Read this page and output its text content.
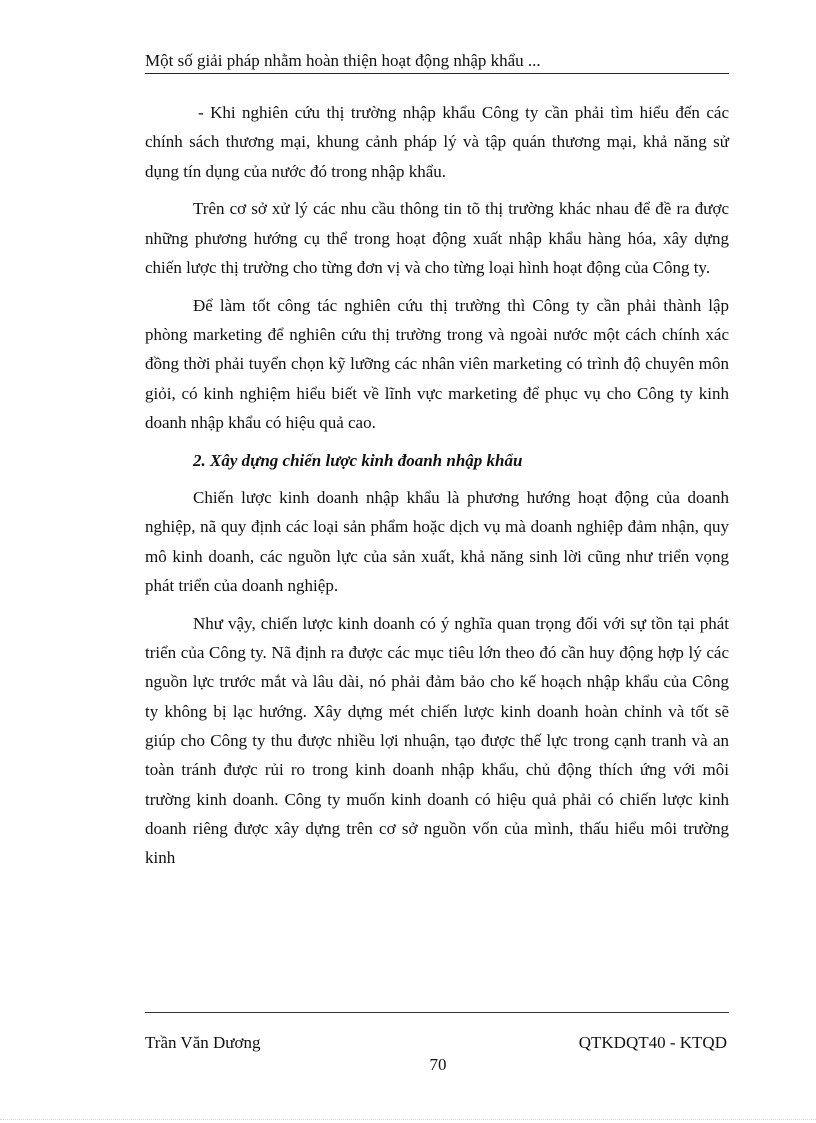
Một số giải pháp nhằm hoàn thiện hoạt động nhập khẩu ...

- Khi nghiên cứu thị trường nhập khẩu Công ty cần phải tìm hiểu đến các chính sách thương mại, khung cảnh pháp lý và tập quán thương mại, khả năng sử dụng tín dụng của nước đó trong nhập khẩu.

Trên cơ sở xử lý các nhu cầu thông tin tõ thị trường khác nhau để đề ra được những phương hướng cụ thể trong hoạt động xuất nhập khẩu hàng hóa, xây dựng chiến lược thị trường cho từng đơn vị và cho từng loại hình hoạt động của Công ty.

Để làm tốt công tác nghiên cứu thị trường thì Công ty cần phải thành lập phòng marketing để nghiên cứu thị trường trong và ngoài nước một cách chính xác đồng thời phải tuyển chọn kỹ lưỡng các nhân viên marketing có trình độ chuyên môn giỏi, có kinh nghiệm hiểu biết về lĩnh vực marketing để phục vụ cho Công ty kinh doanh nhập khẩu có hiệu quả cao.

2. Xây dựng chiến lược kinh đoanh nhập khẩu

Chiến lược kinh doanh nhập khẩu là phương hướng hoạt động của doanh nghiệp, nã quy định các loại sản phẩm hoặc dịch vụ mà doanh nghiệp đảm nhận, quy mô kinh doanh, các nguồn lực của sản xuất, khả năng sinh lời cũng như triển vọng phát triển của doanh nghiệp.

Như vậy, chiến lược kinh doanh có ý nghĩa quan trọng đối với sự tồn tại phát triển của Công ty. Nã định ra được các mục tiêu lớn theo đó cần huy động hợp lý các nguồn lực trước mắt và lâu dài, nó phải đảm bảo cho kế hoạch nhập khẩu của Công ty không bị lạc hướng. Xây dựng mét chiến lược kinh doanh hoàn chỉnh và tốt sẽ giúp cho Công ty thu được nhiều lợi nhuận, tạo được thế lực trong cạnh tranh và an toàn tránh được rủi ro trong kinh doanh nhập khẩu, chủ động thích ứng với môi trường kinh doanh. Công ty muốn kinh doanh có hiệu quả phải có chiến lược kinh doanh riêng được xây dựng trên cơ sở nguồn vốn của mình, thấu hiểu môi trường kinh

Trần Văn Dương	QTKDQT40 - KTQD
70
